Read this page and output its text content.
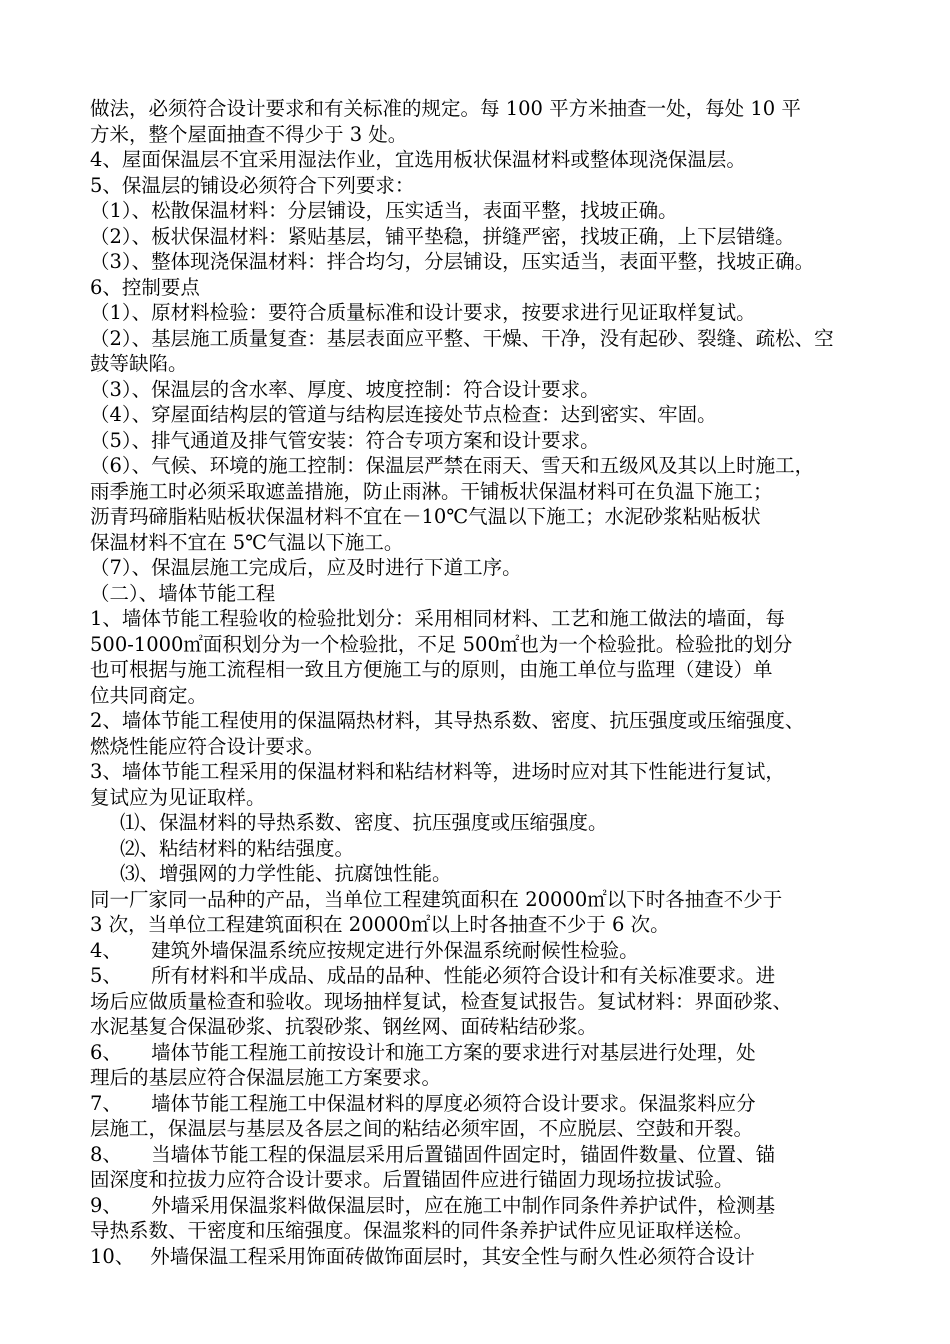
做法，必须符合设计要求和有关标准的规定。每 100 平方米抽查一处，每处 10 平
方米，整个屋面抽查不得少于 3 处。
4、屋面保温层不宜采用湿法作业，宜选用板状保温材料或整体现浇保温层。
5、保温层的铺设必须符合下列要求：
（1）、松散保温材料：分层铺设，压实适当，表面平整，找坡正确。
（2）、板状保温材料：紧贴基层，铺平垫稳，拼缝严密，找坡正确，上下层错缝。
（3）、整体现浇保温材料：拌合均匀，分层铺设，压实适当，表面平整，找坡正确。
6、控制要点
（1）、原材料检验：要符合质量标准和设计要求，按要求进行见证取样复试。
（2）、基层施工质量复查：基层表面应平整、干燥、干净，没有起砂、裂缝、疏松、空
鼓等缺陷。
（3）、保温层的含水率、厚度、坡度控制：符合设计要求。
（4）、穿屋面结构层的管道与结构层连接处节点检查：达到密实、牢固。
（5）、排气通道及排气管安装：符合专项方案和设计要求。
（6）、气候、环境的施工控制：保温层严禁在雨天、雪天和五级风及其以上时施工，
雨季施工时必须采取遮盖措施，防止雨淋。干铺板状保温材料可在负温下施工；
沥青玛碲脂粘贴板状保温材料不宜在－10℃气温以下施工；水泥砂浆粘贴板状
保温材料不宜在 5℃气温以下施工。
（7）、保温层施工完成后，应及时进行下道工序。
（二）、墙体节能工程
1、墙体节能工程验收的检验批划分：采用相同材料、工艺和施工做法的墙面，每
500-1000㎡面积划分为一个检验批，不足 500㎡也为一个检验批。检验批的划分
也可根据与施工流程相一致且方便施工与的原则，由施工单位与监理（建设）单
位共同商定。
2、墙体节能工程使用的保温隔热材料，其导热系数、密度、抗压强度或压缩强度、
燃烧性能应符合设计要求。
3、墙体节能工程采用的保温材料和粘结材料等，进场时应对其下性能进行复试，
复试应为见证取样。
⑴、保温材料的导热系数、密度、抗压强度或压缩强度。
⑵、粘结材料的粘结强度。
⑶、增强网的力学性能、抗腐蚀性能。
同一厂家同一品种的产品，当单位工程建筑面积在 20000㎡以下时各抽查不少于
3 次，当单位工程建筑面积在 20000㎡以上时各抽查不少于 6 次。
4、　　建筑外墙保温系统应按规定进行外保温系统耐候性检验。
5、　　所有材料和半成品、成品的品种、性能必须符合设计和有关标准要求。进
场后应做质量检查和验收。现场抽样复试，检查复试报告。复试材料：界面砂浆、
水泥基复合保温砂浆、抗裂砂浆、钢丝网、面砖粘结砂浆。
6、　　墙体节能工程施工前按设计和施工方案的要求进行对基层进行处理，处
理后的基层应符合保温层施工方案要求。
7、　　墙体节能工程施工中保温材料的厚度必须符合设计要求。保温浆料应分
层施工，保温层与基层及各层之间的粘结必须牢固，不应脱层、空鼓和开裂。
8、　　当墙体节能工程的保温层采用后置锚固件固定时，锚固件数量、位置、锚
固深度和拉拔力应符合设计要求。后置锚固件应进行锚固力现场拉拔试验。
9、　　外墙采用保温浆料做保温层时，应在施工中制作同条件养护试件，检测基
导热系数、干密度和压缩强度。保温浆料的同件条养护试件应见证取样送检。
10、　 外墙保温工程采用饰面砖做饰面层时，其安全性与耐久性必须符合设计
